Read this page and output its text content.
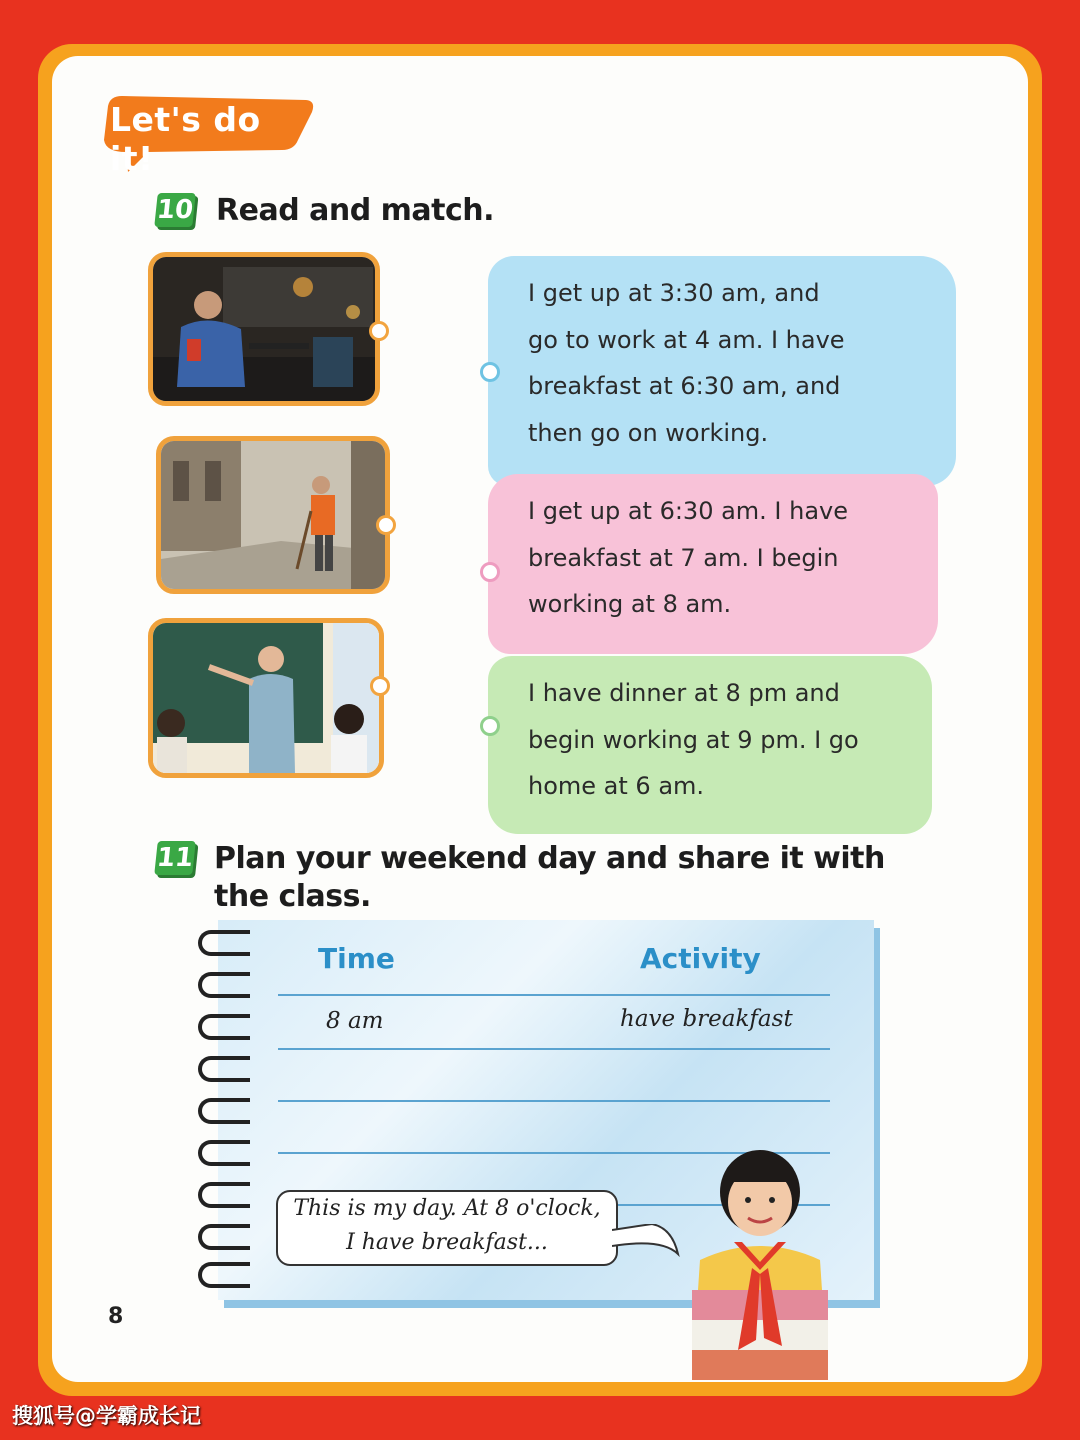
Let's do it!
10 Read and match.

I get up at 3:30 am, and

go to work at 4 am. I have

breakfast at 6:30 am, and

then go on working.

I get up at 6:30 am. I have

breakfast at 7 am. I begin

working at 8 am.

I have dinner at 8 pm and

begin working at 9 pm. I go

home at 6 am.

11 Plan your weekend day and share it with
the class.
Time	Activity
8 am	have breakfast
This is my day. At 8 o'clock,
I have breakfast...
8
搜狐号@学霸成长记
